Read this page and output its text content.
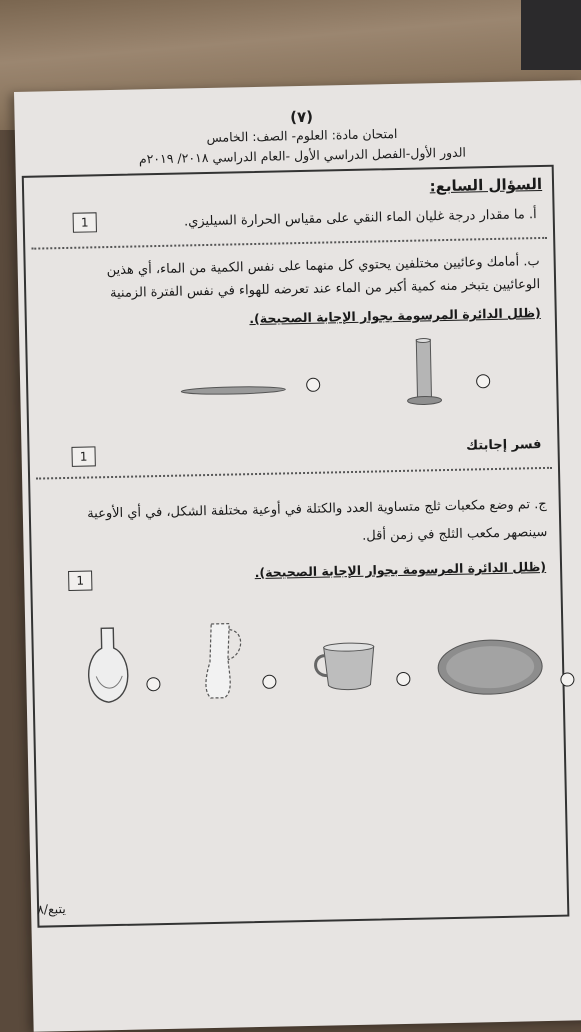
(٧)
امتحان مادة: العلوم- الصف: الخامس
الدور الأول-الفصل الدراسي الأول -العام الدراسي ٢٠١٨/ ٢٠١٩م
السؤال السابع:
1	أ. ما مقدار درجة غليان الماء النقي على مقياس الحرارة السيليزي.
ب. أمامك وعائيين مختلفين يحتوي كل منهما على نفس الكمية من الماء، أي هذين
الوعائيين يتبخر منه كمية أكبر من الماء عند تعرضه للهواء في نفس الفترة الزمنية
(ظلل الدائرة المرسومة بجوار الإجابة الصحيحة).
1
فسر إجابتك
ج. تم وضع مكعبات ثلج متساوية العدد والكتلة في أوعية مختلفة الشكل، في أي الأوعية
سينصهر مكعب الثلج في زمن أقل.
1
(ظلل الدائرة المرسومة بجوار الإجابة الصحيحة).
يتبع/٨
